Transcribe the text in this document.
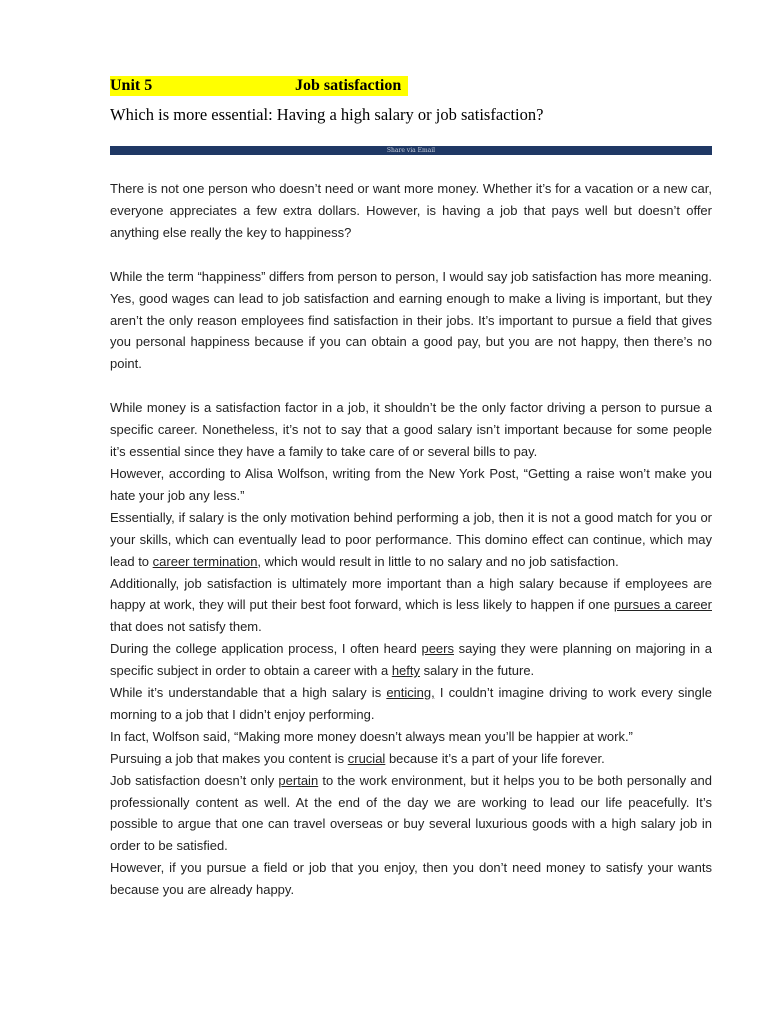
Unit 5	Job satisfaction
Which is more essential: Having a high salary or job satisfaction?
Share via Email

There is not one person who doesn’t need or want more money. Whether it’s for a vacation or a new car, everyone appreciates a few extra dollars. However, is having a job that pays well but doesn’t offer anything else really the key to happiness?

While the term “happiness” differs from person to person, I would say job satisfaction has more meaning. Yes, good wages can lead to job satisfaction and earning enough to make a living is important, but they aren’t the only reason employees find satisfaction in their jobs. It’s important to pursue a field that gives you personal happiness because if you can obtain a good pay, but you are not happy, then there’s no point.

While money is a satisfaction factor in a job, it shouldn’t be the only factor driving a person to pursue a specific career. Nonetheless, it’s not to say that a good salary isn’t important because for some people it’s essential since they have a family to take care of or several bills to pay.

However, according to Alisa Wolfson, writing from the New York Post, “Getting a raise won’t make you hate your job any less.”

Essentially, if salary is the only motivation behind performing a job, then it is not a good match for you or your skills, which can eventually lead to poor performance. This domino effect can continue, which may lead to career termination, which would result in little to no salary and no job satisfaction.

Additionally, job satisfaction is ultimately more important than a high salary because if employees are happy at work, they will put their best foot forward, which is less likely to happen if one pursues a career that does not satisfy them.

During the college application process, I often heard peers saying they were planning on majoring in a specific subject in order to obtain a career with a hefty salary in the future.

While it’s understandable that a high salary is enticing, I couldn’t imagine driving to work every single morning to a job that I didn’t enjoy performing.

In fact, Wolfson said, “Making more money doesn’t always mean you’ll be happier at work.”

Pursuing a job that makes you content is crucial because it’s a part of your life forever.

Job satisfaction doesn’t only pertain to the work environment, but it helps you to be both personally and professionally content as well. At the end of the day we are working to lead our life peacefully. It’s possible to argue that one can travel overseas or buy several luxurious goods with a high salary job in order to be satisfied.

However, if you pursue a field or job that you enjoy, then you don’t need money to satisfy your wants because you are already happy.
